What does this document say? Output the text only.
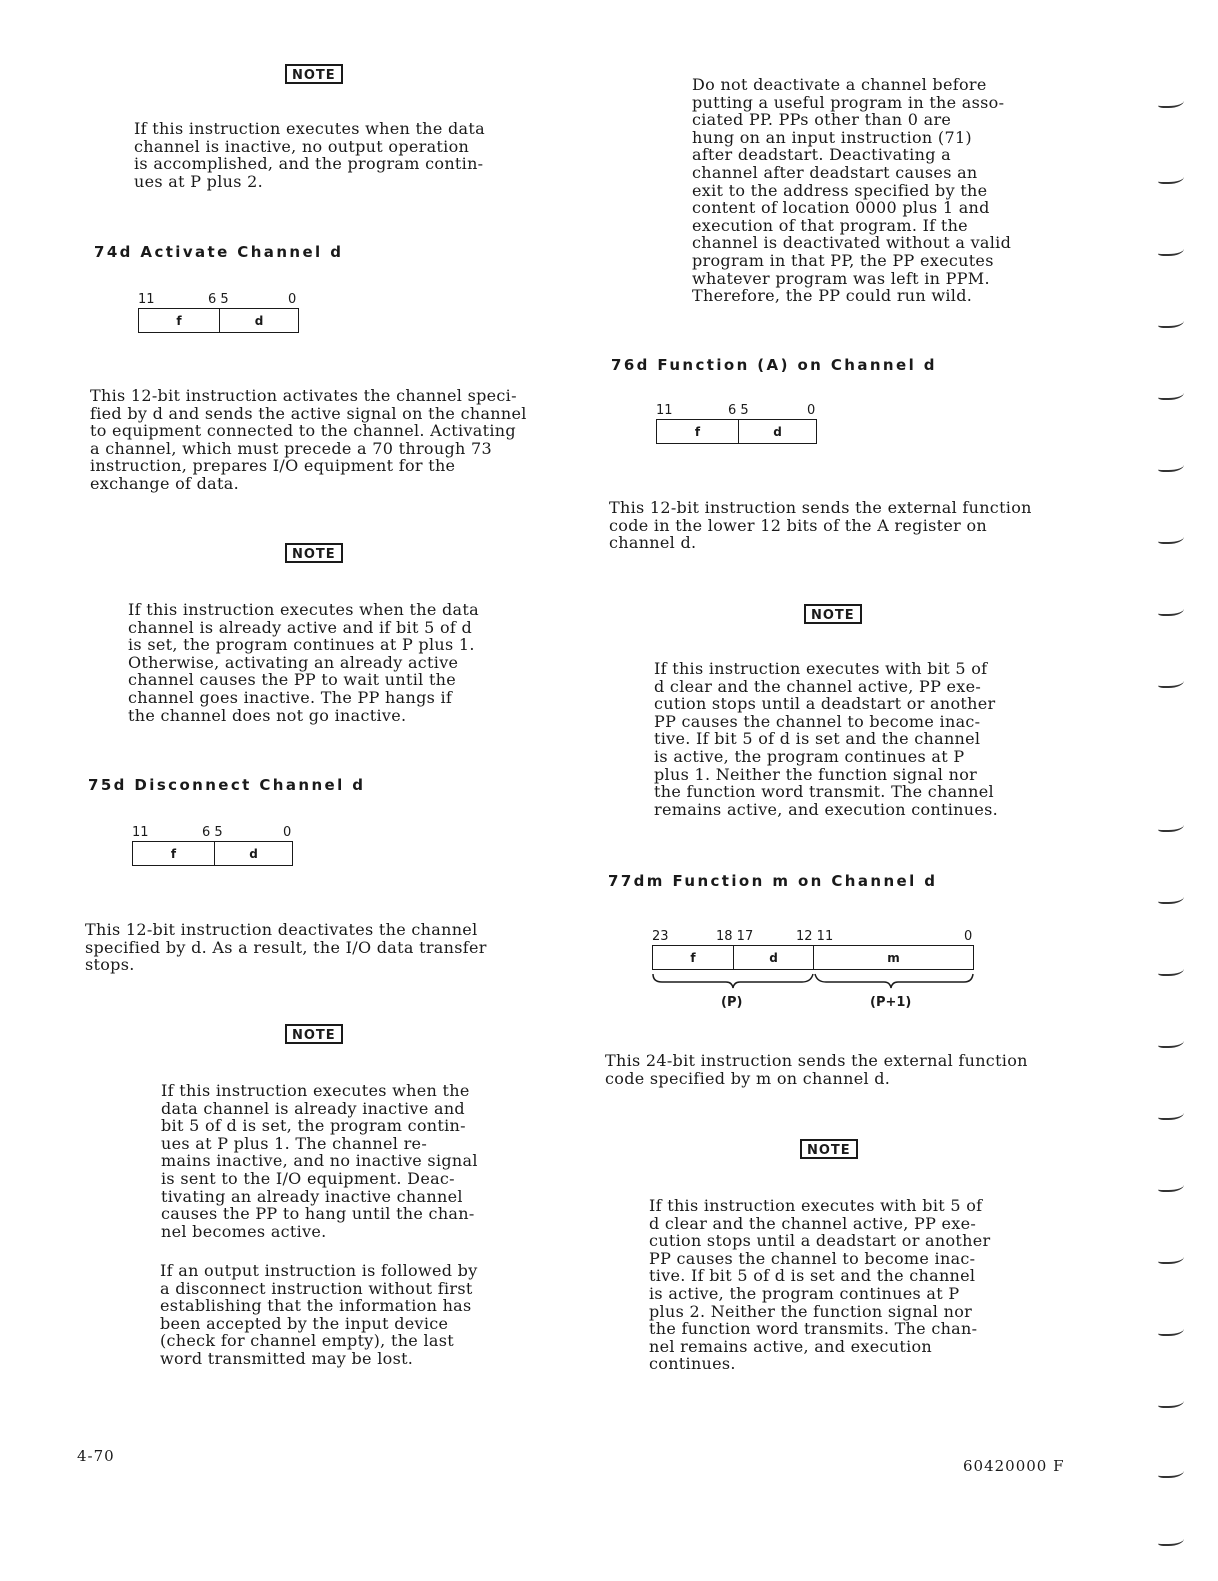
NOTE
If this instruction executes when the data
channel is inactive, no output operation
is accomplished, and the program contin-
ues at P plus 2.
74d Activate Channel d
11	6 5	0
f	d
This 12-bit instruction activates the channel speci-
fied by d and sends the active signal on the channel
to equipment connected to the channel. Activating
a channel, which must precede a 70 through 73
instruction, prepares I/O equipment for the
exchange of data.
NOTE
If this instruction executes when the data
channel is already active and if bit 5 of d
is set, the program continues at P plus 1.
Otherwise, activating an already active
channel causes the PP to wait until the
channel goes inactive. The PP hangs if
the channel does not go inactive.
75d Disconnect Channel d
11	6 5	0
f	d
This 12-bit instruction deactivates the channel
specified by d. As a result, the I/O data transfer
stops.
NOTE
If this instruction executes when the
data channel is already inactive and
bit 5 of d is set, the program contin-
ues at P plus 1. The channel re-
mains inactive, and no inactive signal
is sent to the I/O equipment. Deac-
tivating an already inactive channel
causes the PP to hang until the chan-
nel becomes active.
If an output instruction is followed by
a disconnect instruction without first
establishing that the information has
been accepted by the input device
(check for channel empty), the last
word transmitted may be lost.
Do not deactivate a channel before
putting a useful program in the asso-
ciated PP. PPs other than 0 are
hung on an input instruction (71)
after deadstart. Deactivating a
channel after deadstart causes an
exit to the address specified by the
content of location 0000 plus 1 and
execution of that program. If the
channel is deactivated without a valid
program in that PP, the PP executes
whatever program was left in PPM.
Therefore, the PP could run wild.
76d Function (A) on Channel d
11	6 5	0
f	d
This 12-bit instruction sends the external function
code in the lower 12 bits of the A register on
channel d.
NOTE
If this instruction executes with bit 5 of
d clear and the channel active, PP exe-
cution stops until a deadstart or another
PP causes the channel to become inac-
tive. If bit 5 of d is set and the channel
is active, the program continues at P
plus 1. Neither the function signal nor
the function word transmit. The channel
remains active, and execution continues.
77dm Function m on Channel d
23	18 17	12 11	0
f	d	m
(P)	(P+1)
This 24-bit instruction sends the external function
code specified by m on channel d.
NOTE
If this instruction executes with bit 5 of
d clear and the channel active, PP exe-
cution stops until a deadstart or another
PP causes the channel to become inac-
tive. If bit 5 of d is set and the channel
is active, the program continues at P
plus 2. Neither the function signal nor
the function word transmits. The chan-
nel remains active, and execution
continues.
4-70
60420000 F
